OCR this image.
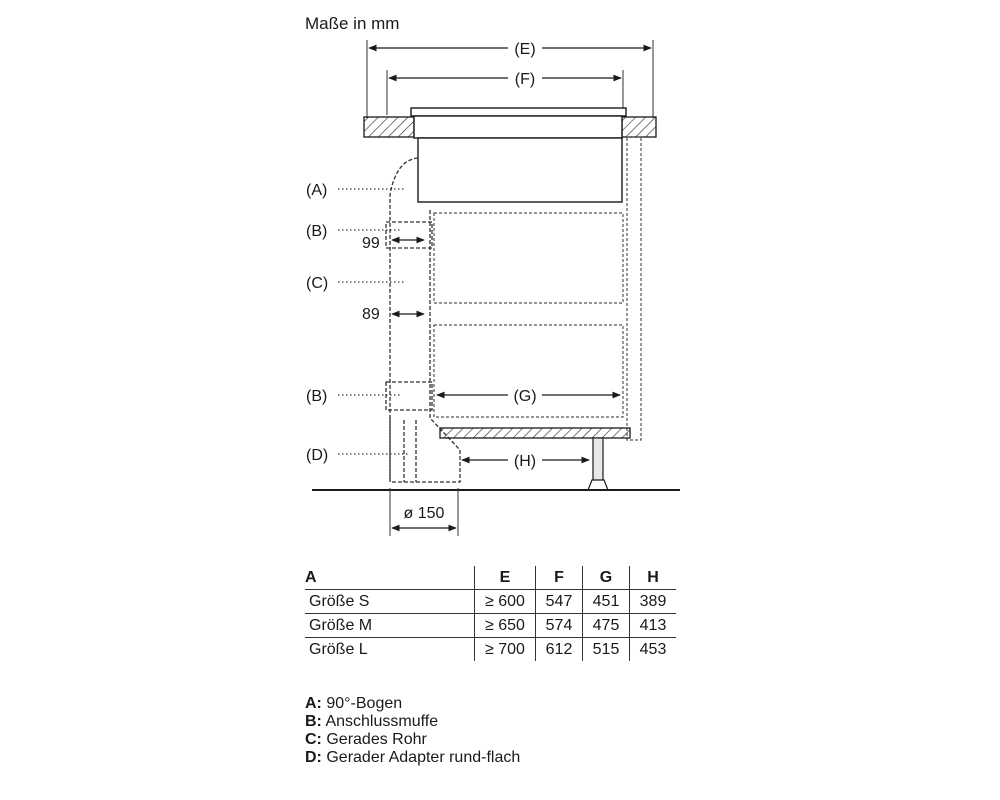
Maße in mm
(E)
(F)
(G)
(H)
ø 150
99
89
(A)
(B)
(C)
(B)
(D)
A	E	F	G	H
Größe S	≥ 600	547	451	389
Größe M	≥ 650	574	475	413
Größe L	≥ 700	612	515	453
A: 90°-Bogen
B: Anschlussmuffe
C: Gerades Rohr
D: Gerader Adapter rund-flach
